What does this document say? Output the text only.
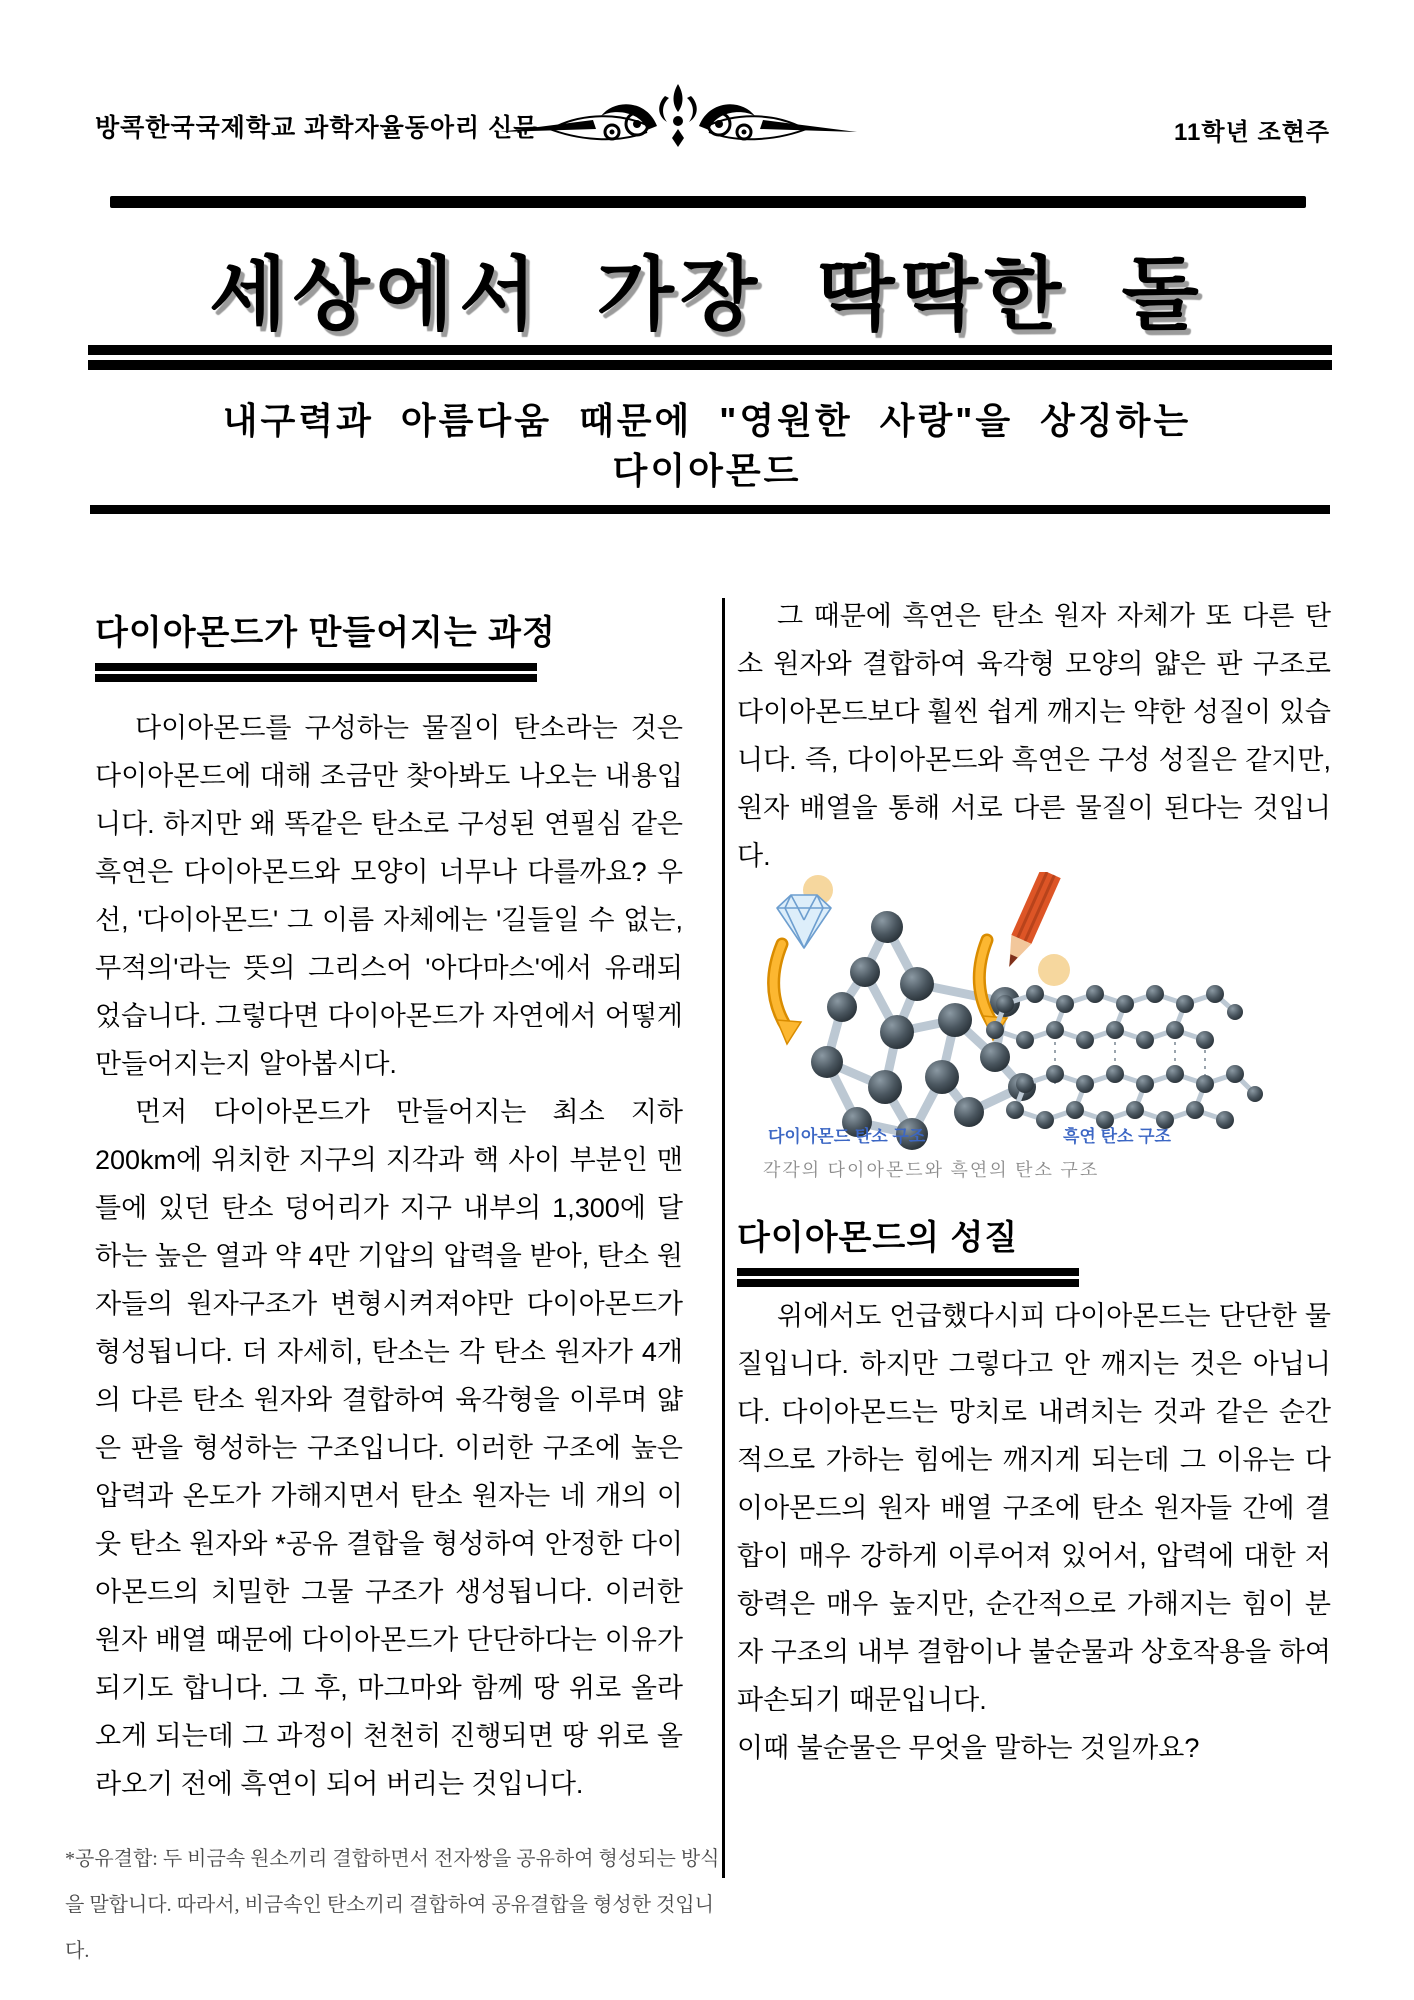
방콕한국국제학교 과학자율동아리 신문	11학년 조현주
세상에서 가장 딱딱한 돌
내구력과 아름다움 때문에 "영원한 사랑"을 상징하는
다이아몬드
다이아몬드가 만들어지는 과정

다이아몬드를 구성하는 물질이 탄소라는 것은 다이아몬드에 대해 조금만 찾아봐도 나오는 내용입니다. 하지만 왜 똑같은 탄소로 구성된 연필심 같은 흑연은 다이아몬드와 모양이 너무나 다를까요? 우선, '다이아몬드' 그 이름 자체에는 '길들일 수 없는, 무적의'라는 뜻의 그리스어 '아다마스'에서 유래되었습니다. 그렇다면 다이아몬드가 자연에서 어떻게 만들어지는지 알아봅시다.

먼저 다이아몬드가 만들어지는 최소 지하 200km에 위치한 지구의 지각과 핵 사이 부분인 맨틀에 있던 탄소 덩어리가 지구 내부의 1,300에 달하는 높은 열과 약 4만 기압의 압력을 받아, 탄소 원자들의 원자구조가 변형시켜져야만 다이아몬드가 형성됩니다. 더 자세히, 탄소는 각 탄소 원자가 4개의 다른 탄소 원자와 결합하여 육각형을 이루며 얇은 판을 형성하는 구조입니다. 이러한 구조에 높은 압력과 온도가 가해지면서 탄소 원자는 네 개의 이웃 탄소 원자와 *공유 결합을 형성하여 안정한 다이아몬드의 치밀한 그물 구조가 생성됩니다. 이러한 원자 배열 때문에 다이아몬드가 단단하다는 이유가 되기도 합니다. 그 후, 마그마와 함께 땅 위로 올라오게 되는데 그 과정이 천천히 진행되면 땅 위로 올라오기 전에 흑연이 되어 버리는 것입니다.

그 때문에 흑연은 탄소 원자 자체가 또 다른 탄소 원자와 결합하여 육각형 모양의 얇은 판 구조로 다이아몬드보다 훨씬 쉽게 깨지는 약한 성질이 있습니다. 즉, 다이아몬드와 흑연은 구성 성질은 같지만, 원자 배열을 통해 서로 다른 물질이 된다는 것입니다.

다이아몬드 탄소 구조	흑연 탄소 구조
각각의 다이아몬드와 흑연의 탄소 구조
다이아몬드의 성질

위에서도 언급했다시피 다이아몬드는 단단한 물질입니다. 하지만 그렇다고 안 깨지는 것은 아닙니다. 다이아몬드는 망치로 내려치는 것과 같은 순간적으로 가하는 힘에는 깨지게 되는데 그 이유는 다이아몬드의 원자 배열 구조에 탄소 원자들 간에 결합이 매우 강하게 이루어져 있어서, 압력에 대한 저항력은 매우 높지만, 순간적으로 가해지는 힘이 분자 구조의 내부 결함이나 불순물과 상호작용을 하여 파손되기 때문입니다.

이때 불순물은 무엇을 말하는 것일까요?

*공유결합: 두 비금속 원소끼리 결합하면서 전자쌍을 공유하여 형성되는 방식을 말합니다. 따라서, 비금속인 탄소끼리 결합하여 공유결합을 형성한 것입니다.
